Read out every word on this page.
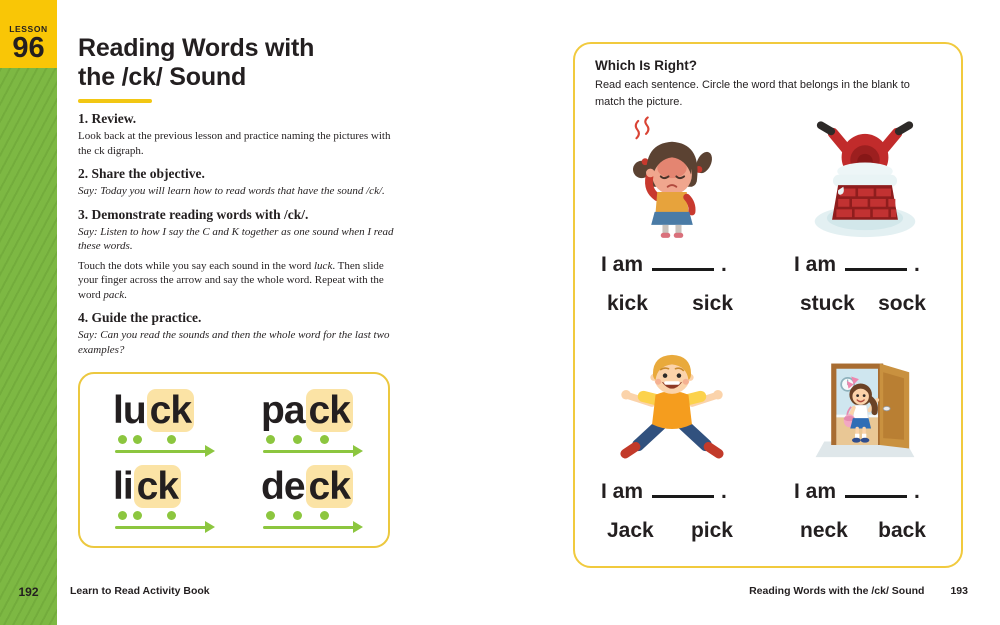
LESSON
96
192
Reading Words with
the /ck/ Sound
1. Review.

Look back at the previous lesson and practice naming the pictures with the ck digraph.

2. Share the objective.

Say: Today you will learn how to read words that have the sound /ck/.

3. Demonstrate reading words with /ck/.

Say: Listen to how I say the C and K together as one sound when I read these words.

Touch the dots while you say each sound in the word luck. Then slide your finger across the arrow and say the whole word. Repeat with the word pack.

4. Guide the practice.

Say: Can you read the sounds and then the whole word for the last two examples?

lu ck pa ck
li ck de ck
Which Is Right?
Read each sentence. Circle the word that belongs in the blank to match the picture.
I am	.
kick sick
I am	.
stuck sock
I am	.
Jack pick
I am	.
neck back
Learn to Read Activity Book	Reading Words with the /ck/ Sound 193
